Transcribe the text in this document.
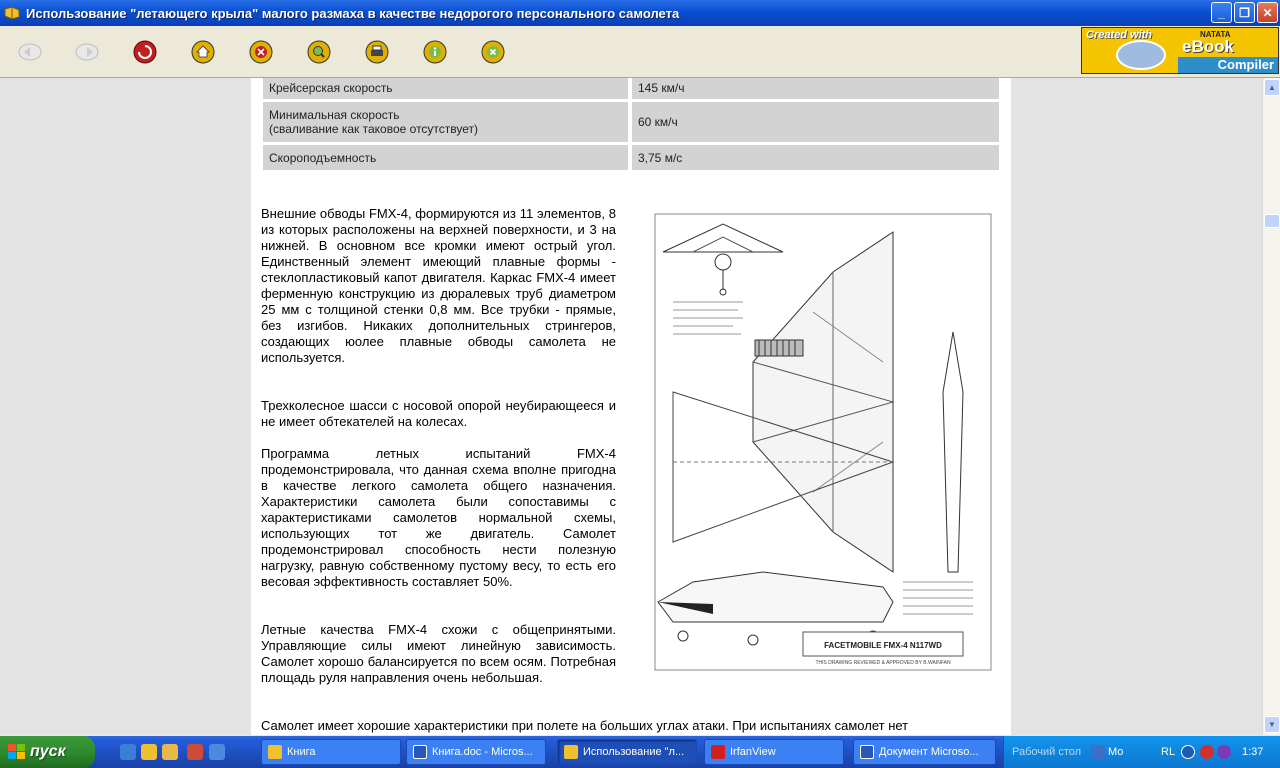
Использование "летающего крыла" малого размаха в качестве недорогого персонального самолета	_	❐	✕
Created with	NATATA
eBook
Compiler
Крейсерская скорость	145 км/ч
Минимальная скорость
(сваливание как таковое отсутствует)	60 км/ч
Скороподъемность	3,75 м/с

Внешние обводы FMX-4, формируются из 11 элементов, 8 из которых расположены на верхней поверхности, и 3 на нижней. В основном все кромки имеют острый угол. Единственный элемент имеющий плавные формы - стеклопластиковый капот двигателя. Каркас FMX-4 имеет ферменную конструкцию из дюралевых труб диаметром 25 мм с толщиной стенки 0,8 мм. Все трубки - прямые, без изгибов. Никаких дополнительных стрингеров, создающих юолее плавные обводы самолета не используется.

Трехколесное шасси с носовой опорой неубирающееся и не имеет обтекателей на колесах.

Программа летных испытаний FMX-4 продемонстрировала, что данная схема вполне пригодна в качестве легкого самолета общего назначения. Характеристики самолета были сопоставимы с характеристиками самолетов нормальной схемы, использующих тот же двигатель. Самолет продемонстрировал способность нести полезную нагрузку, равную собственному пустому весу, то есть его весовая эффективность составляет 50%.

Летные качества FMX-4 схожи с общепринятыми. Управляющие силы имеют линейную зависимость. Самолет хорошо балансируется по всем осям. Потребная площадь руля направления очень небольшая.

Самолет имеет хорошие характеристики при полете на больших углах атаки. При испытаниях самолет нет

FACETMOBILE FMX-4 N117WD
THIS DRAWING REVIEWED & APPROVED BY B.WAINFAN
▲
▼
пуск	Книга	Книга.doc - Micros...	Использование "л...	IrfanView	Документ Microso...	Рабочий стол Мо	RL	1:37
